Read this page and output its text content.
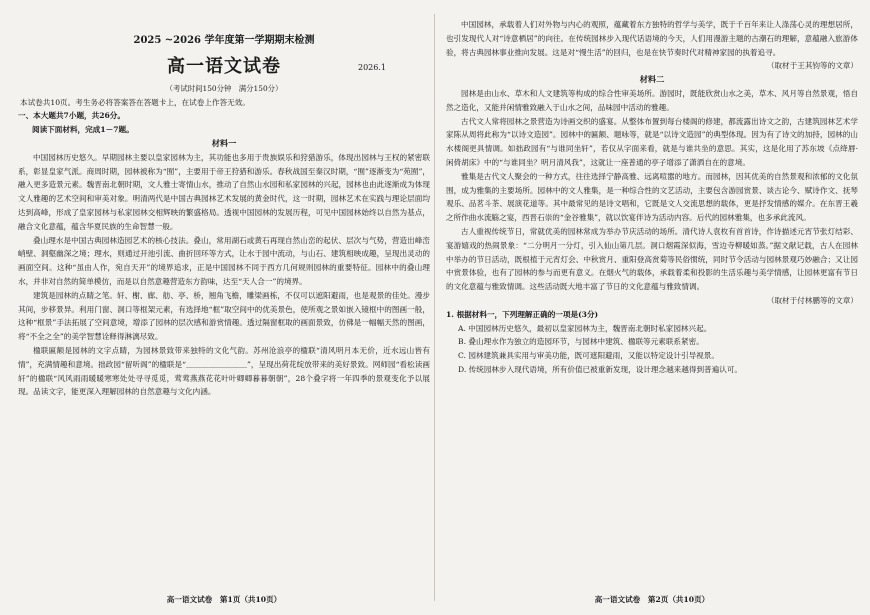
2025 ~2026 学年度第一学期期末检测
高一语文试卷	2026.1
（考试时间150分钟　满分150分）

本试卷共10页。考生务必将答案答在答题卡上，在试卷上作答无效。

一、本大题共7小题，共26分。

阅读下面材料，完成1－7题。

材料一

中国园林历史悠久。早期园林主要以皇家园林为主，其功能也多用于贵族娱乐和狩猎游乐，体现出园林与王权的紧密联系，彰显皇家气派。商周时期，园林被称为“囿”，主要用于帝王狩猎和游乐。春秋战国至秦汉时期，“囿”逐渐变为“苑囿”，融入更多造景元素。魏晋南北朝时期，文人雅士寄情山水，推动了自然山水园和私家园林的兴起，园林也由此逐渐成为体现文人雅趣的艺术空间和审美对象。明清两代是中国古典园林艺术发展的黄金时代，这一时期，园林艺术在实践与理论层面均达到高峰，形成了皇家园林与私家园林交相辉映的繁盛格局。透视中国园林的发展历程，可见中国园林始终以自然为基点，融合文化意蕴，蕴含华夏民族的生命智慧一般。

叠山理水是中国古典园林造园艺术的核心技法。叠山，常用湖石或黄石再现自然山峦的起伏、层次与气势，营造出峰峦峭壁、洞壑幽深之境；理水，则通过开池引流、曲折回环等方式，让水于园中流动，与山石、建筑相映成趣，呈现出灵动的画面空间。这种“虽由人作，宛自天开”的境界追求，正是中国园林不同于西方几何规则园林的重要特征。园林中的叠山理水，并非对自然的简单模仿，而是以自然意趣营造东方韵味，达至“天人合一”的境界。

建筑是园林的点睛之笔。轩、榭、廊、舫、亭、桥，翘角飞檐，雕梁画栋，不仅可以遮阳避雨，也是观景的佳处。漫步其间，步移景异。利用门窗、洞口等框架元素，有选择地“框”取空间中的优美景色，使所观之景如嵌入镜框中的图画一般，这种“框景”手法拓展了空间意境，增添了园林的层次感和游赏情趣。透过隔窗框取的画面景致，仿佛是一幅幅天然的图画，将“不全之全”的美学智慧诠释得淋漓尽致。

楹联匾额是园林的文字点睛，为园林景致带来独特的文化气韵。苏州沧浪亭的楹联“清风明月本无价，近水远山皆有情”，充满情趣和意境。拙政园“留听阁”的楹联是“＿＿＿＿＿＿＿＿”，呈现出荷花绽放带来的美好景致。网师园“看松读画轩”的楹联“风风雨雨暖暖寒寒处处寻寻觅觅，莺莺燕燕花花叶叶卿卿暮暮朝朝”，28个叠字将一年四季的景观变化予以展现。品读文字，能更深入理解园林的自然意趣与文化内涵。

高一语文试卷　第1页（共10页）

中国园林，承载着人们对外物与内心的观照，蕴藏着东方独特的哲学与美学，既于千百年来让人涤荡心灵的理想居所，也引发现代人对“诗意栖居”的向往。在传统园林步入现代话语境的今天，人们用漫游主题的古潮石的理解，意蕴融入旅游体验，将古典园林事业推向发展。这是对“慢生活”的回归，也是在快节奏时代对精神家园的执着追寻。

（取材于王其钧等的文章）

材料二

园林是由山水、草木和人文建筑等构成的综合性审美场所。游园时，既能欣赏山水之美，草木、风月等自然景观，悟自然之造化，又能并闲情雅致融入于山水之间，品味园中活动的雅趣。

古代文人常将园林之景营造为诗画交织的盛宴。从整体布置到每台楼阁的修建，都流露出诗文之韵，古建筑园林艺术学家陈从周将此称为“以诗文造园”。园林中的匾额、题咏等，就是“以诗文造园”的典型体现。因为有了诗文的加持，园林的山水楼阁更具情调。如拙政园有“与谁同坐轩”，若仅从字面来看，就是与谁共坐的意思。其实，这是化用了苏东坡《点绛唇·闲倚胡床》中的“与谁同坐？明月清风我”，这就让一座普通的亭子增添了潇洒自在的意境。

雅集是古代文人聚会的一种方式，往往选择宁静高雅、远离喧嚣的地方。而园林，因其优美的自然景观和浓郁的文化氛围，成为雅集的主要场所。园林中的文人雅集，是一种综合性的文艺活动，主要包含游园赏景、谈古论今、赋诗作文、抚琴观乐、品茗斗茶、展演花道等。其中最常见的是诗文唱和，它既是文人交流思想的载体，更是抒发情感的媒介。在东晋王羲之所作曲水流觞之宴，西晋石崇的“金谷雅集”，就以饮宴伴诗为活动内容。后代的园林雅集，也多承此流风。

古人重视传统节日，常就优美的园林常成为举办节庆活动的场所。清代诗人袁枚有首首诗，作诗描述元宵节张灯结彩、宴游嬉戏的热闹景象：“二分明月一分灯，引入仙山第几层。洞口烟霞深似海，雪边寺柳暖如蒸。”据文献记载，古人在园林中举办的节日活动，既根植于元宵灯会、中秋赏月、重阳登高赏菊等民俗惯统，同时节令活动与园林景观巧妙融合；又让园中赏景体验，也有了园林的参与而更有意义。在烟火气的载体，承载着柔和投影的生活乐趣与美学情感，让园林更富有节日的文化意蕴与雅致情调。这些活动既大地丰富了节日的文化意蕴与雅致情调。

（取材于付林鹏等的文章）

1. 根据材料一，下列理解正确的一项是(3分)

A. 中国园林历史悠久，最初以皇家园林为主，魏晋南北朝时私家园林兴起。

B. 叠山理水作为独立的造园环节，与园林中建筑、楹联等元素联系紧密。

C. 园林建筑兼具实用与审美功能，既可遮阳避雨，又能以特定设计引导视景。

D. 传统园林步入现代语境，所有价值已被重新发现，设计理念越来越得到普遍认可。

高一语文试卷　第2页（共10页）
